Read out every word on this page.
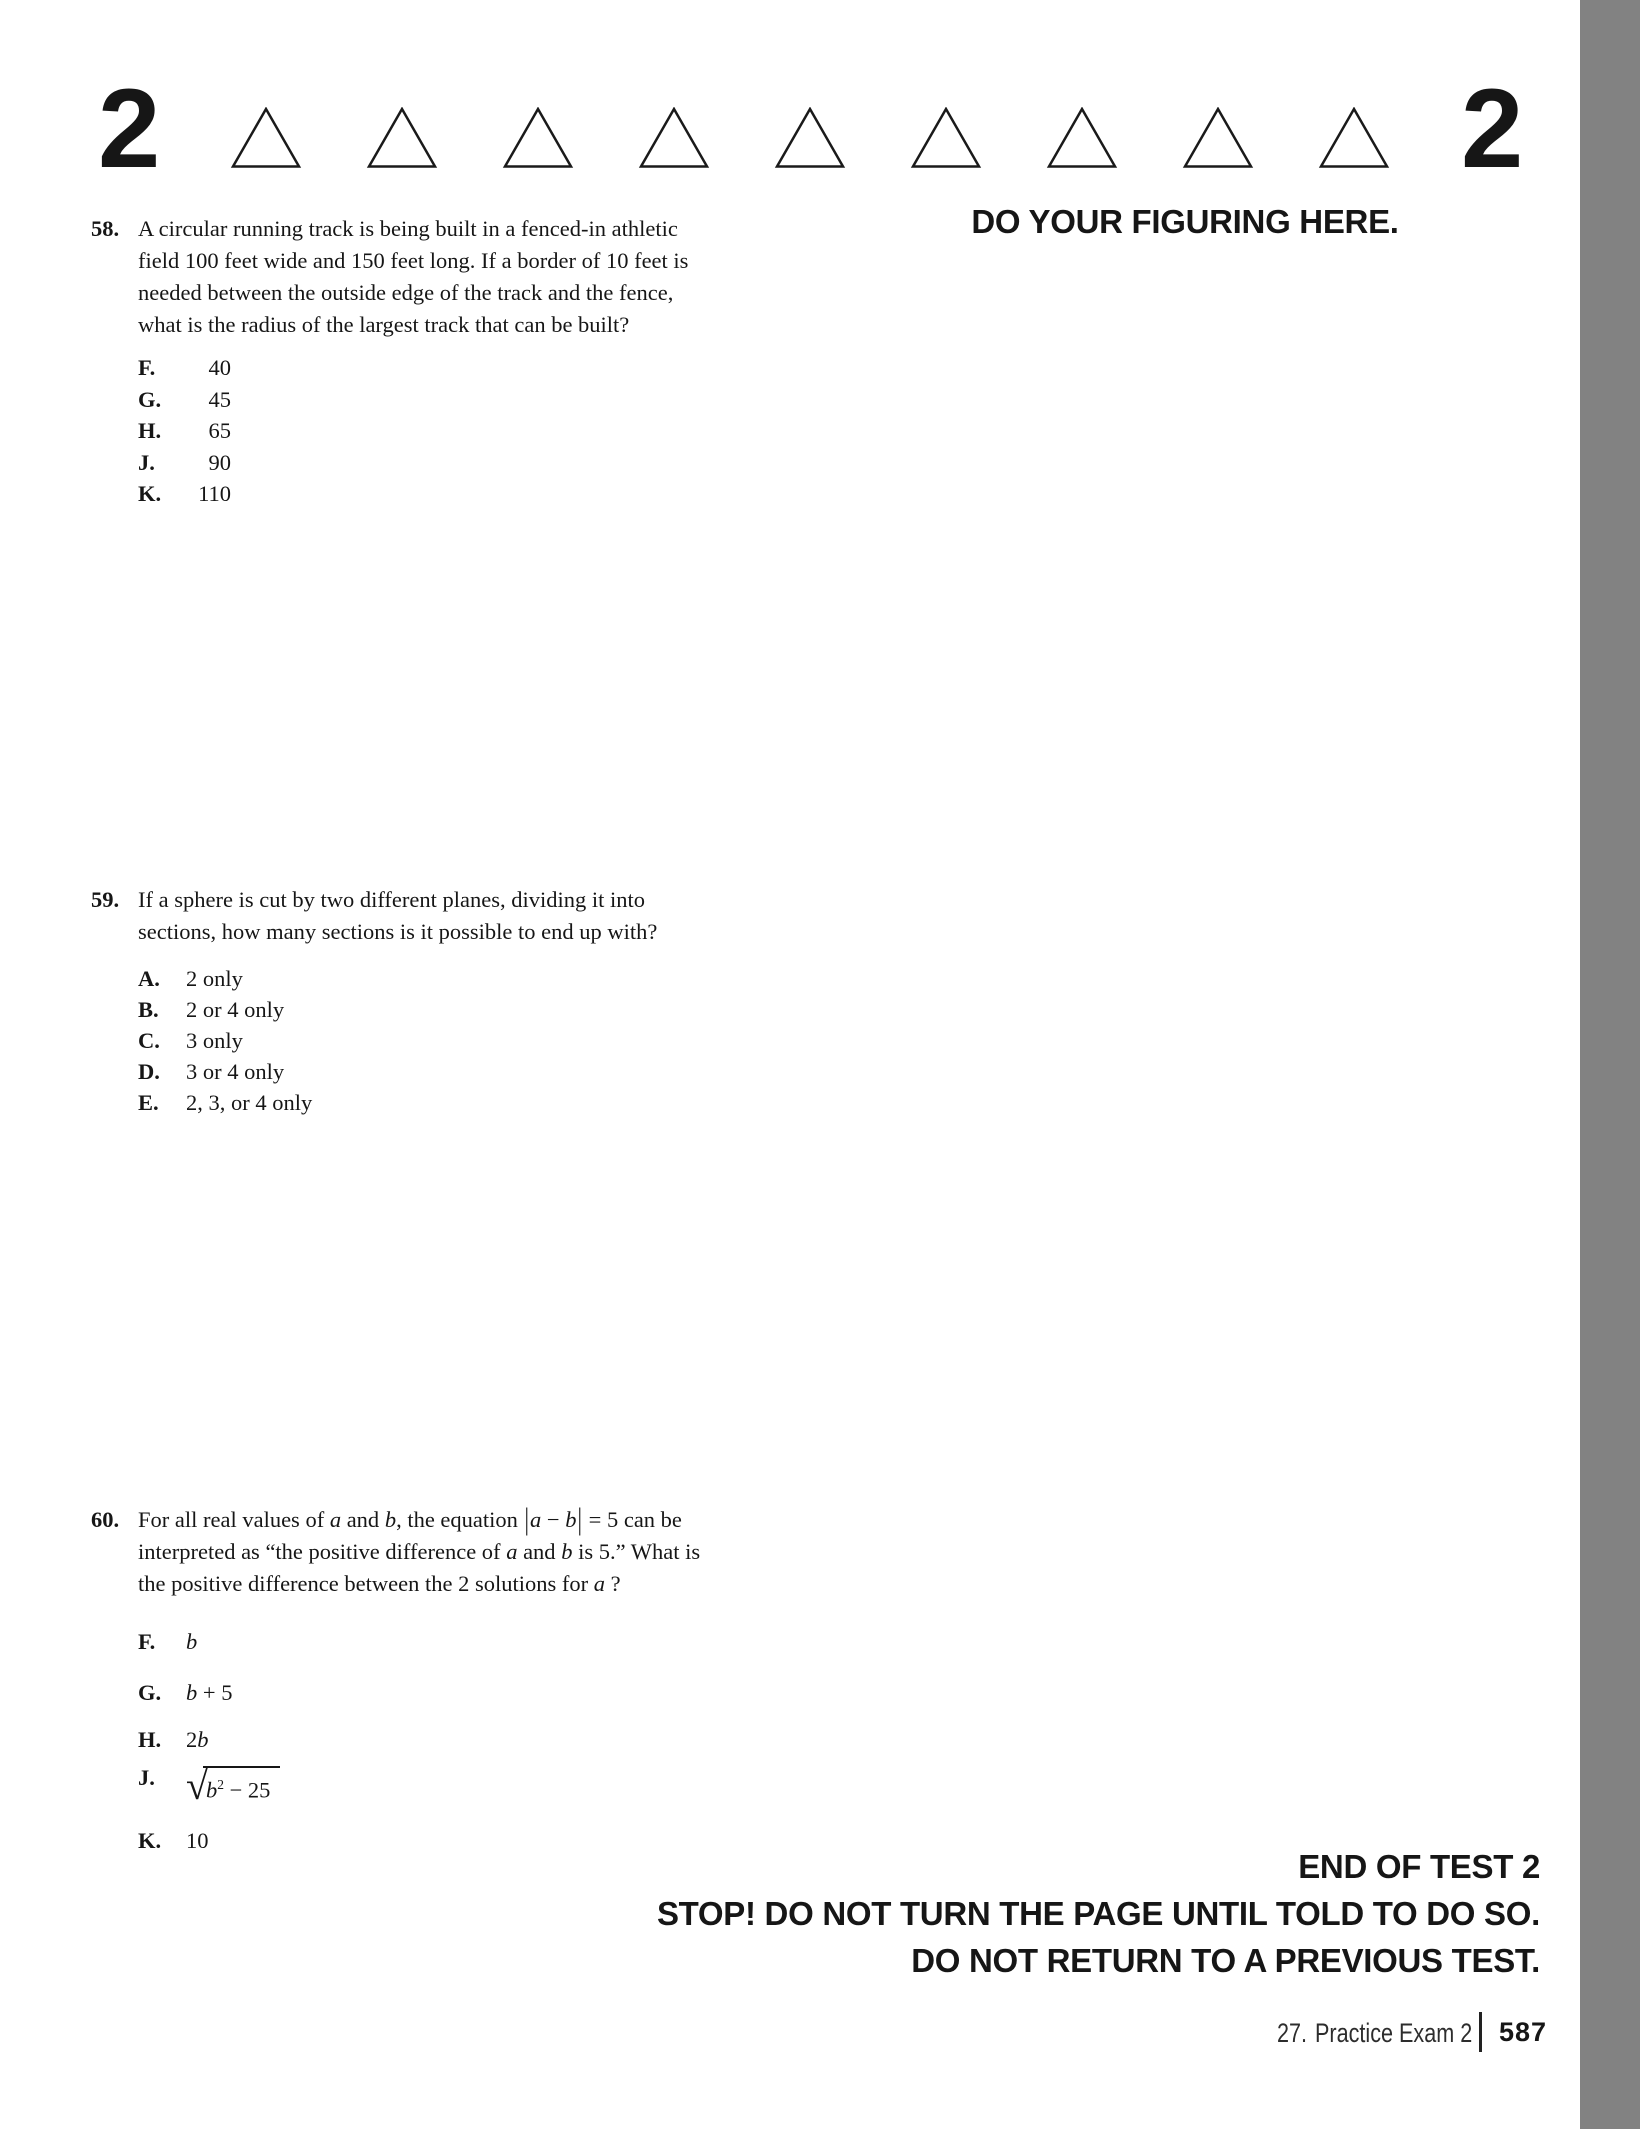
2	2
DO YOUR FIGURING HERE.
58. A circular running track is being built in a fenced-in athletic
field 100 feet wide and 150 feet long. If a border of 10 feet is
needed between the outside edge of the track and the fence,
what is the radius of the largest track that can be built?
F. 40
G. 45
H. 65
J. 90
K. 110
59. If a sphere is cut by two different planes, dividing it into
sections, how many sections is it possible to end up with?
A. 2 only
B. 2 or 4 only
C. 3 only
D. 3 or 4 only
E. 2, 3, or 4 only
60. For all real values of a and b, the equation |a − b| = 5 can be
interpreted as “the positive difference of a and b is 5.” What is
the positive difference between the 2 solutions for a ?
F. b
G. b + 5
H. 2b
J. √
$b^2 - 25$
K. 10
END OF TEST 2
STOP! DO NOT TURN THE PAGE UNTIL TOLD TO DO SO.
DO NOT RETURN TO A PREVIOUS TEST.
27. Practice Exam 2 587
